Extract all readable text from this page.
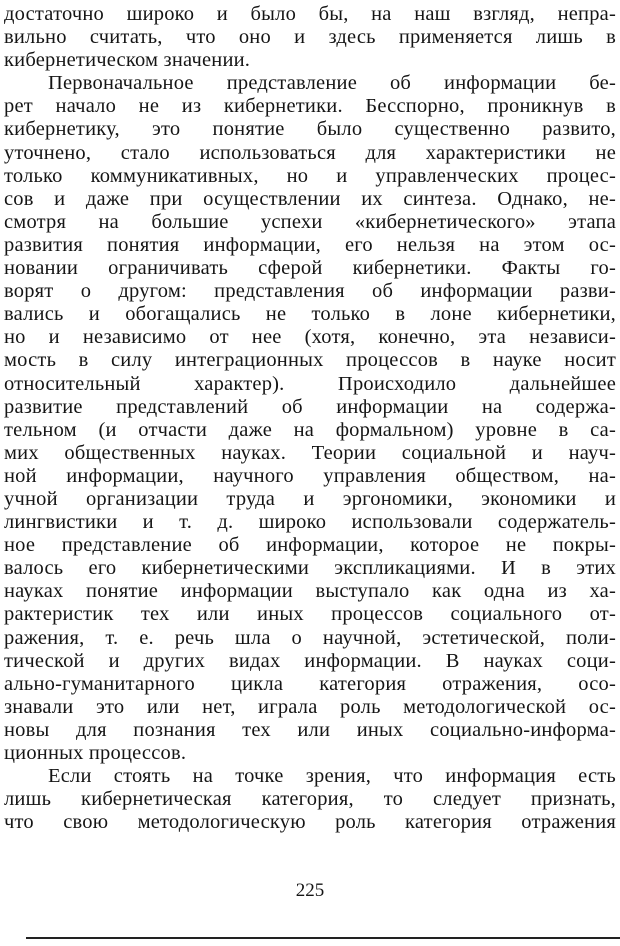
достаточно широко и было бы, на наш взгляд, непра-
вильно считать, что оно и здесь применяется лишь в
кибернетическом значении.
Первоначальное представление об информации бе-
рет начало не из кибернетики. Бесспорно, проникнув в
кибернетику, это понятие было существенно развито,
уточнено, стало использоваться для характеристики не
только коммуникативных, но и управленческих процес-
сов и даже при осуществлении их синтеза. Однако, не-
смотря на большие успехи «кибернетического» этапа
развития понятия информации, его нельзя на этом ос-
новании ограничивать сферой кибернетики. Факты го-
ворят о другом: представления об информации разви-
вались и обогащались не только в лоне кибернетики,
но и независимо от нее (хотя, конечно, эта независи-
мость в силу интеграционных процессов в науке носит
относительный характер). Происходило дальнейшее
развитие представлений об информации на содержа-
тельном (и отчасти даже на формальном) уровне в са-
мих общественных науках. Теории социальной и науч-
ной информации, научного управления обществом, на-
учной организации труда и эргономики, экономики и
лингвистики и т. д. широко использовали содержатель-
ное представление об информации, которое не покры-
валось его кибернетическими экспликациями. И в этих
науках понятие информации выступало как одна из ха-
рактеристик тех или иных процессов социального от-
ражения, т. е. речь шла о научной, эстетической, поли-
тической и других видах информации. В науках соци-
ально-гуманитарного цикла категория отражения, осо-
знавали это или нет, играла роль методологической ос-
новы для познания тех или иных социально-информа-
ционных процессов.
Если стоять на точке зрения, что информация есть
лишь кибернетическая категория, то следует признать,
что свою методологическую роль категория отражения
225
